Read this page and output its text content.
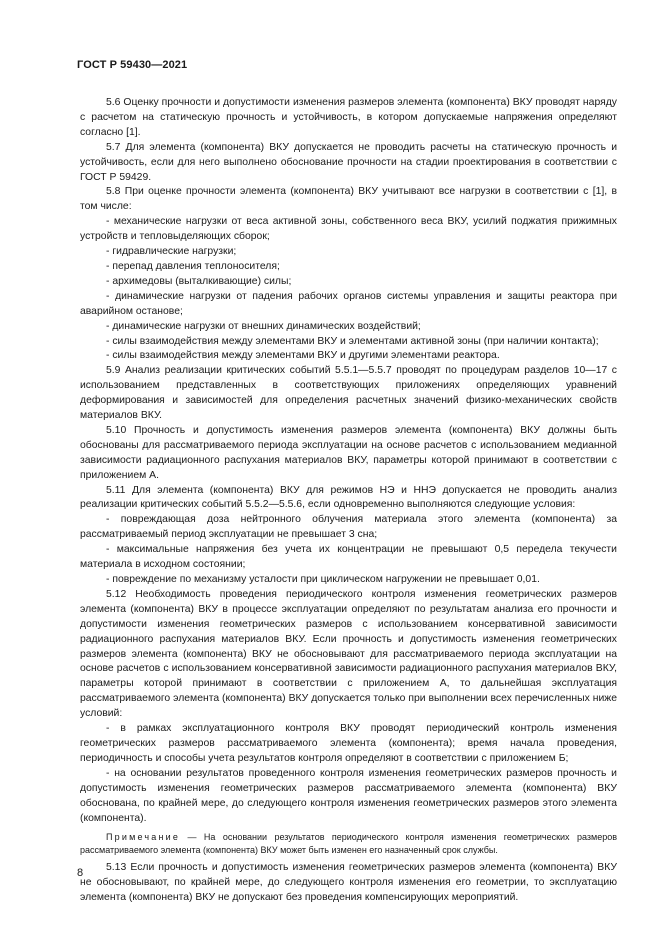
ГОСТ Р 59430—2021

5.6 Оценку прочности и допустимости изменения размеров элемента (компонента) ВКУ проводят наряду с расчетом на статическую прочность и устойчивость, в котором допускаемые напряжения определяют согласно [1].

5.7 Для элемента (компонента) ВКУ допускается не проводить расчеты на статическую прочность и устойчивость, если для него выполнено обоснование прочности на стадии проектирования в соответствии с ГОСТ Р 59429.

5.8 При оценке прочности элемента (компонента) ВКУ учитывают все нагрузки в соответствии с [1], в том числе:

- механические нагрузки от веса активной зоны, собственного веса ВКУ, усилий поджатия прижимных устройств и тепловыделяющих сборок;

- гидравлические нагрузки;

- перепад давления теплоносителя;

- архимедовы (выталкивающие) силы;

- динамические нагрузки от падения рабочих органов системы управления и защиты реактора при аварийном останове;

- динамические нагрузки от внешних динамических воздействий;

- силы взаимодействия между элементами ВКУ и элементами активной зоны (при наличии контакта);

- силы взаимодействия между элементами ВКУ и другими элементами реактора.

5.9 Анализ реализации критических событий 5.5.1—5.5.7 проводят по процедурам разделов 10—17 с использованием представленных в соответствующих приложениях определяющих уравнений деформирования и зависимостей для определения расчетных значений физико-механических свойств материалов ВКУ.

5.10 Прочность и допустимость изменения размеров элемента (компонента) ВКУ должны быть обоснованы для рассматриваемого периода эксплуатации на основе расчетов с использованием медианной зависимости радиационного распухания материалов ВКУ, параметры которой принимают в соответствии с приложением А.

5.11 Для элемента (компонента) ВКУ для режимов НЭ и ННЭ допускается не проводить анализ реализации критических событий 5.5.2—5.5.6, если одновременно выполняются следующие условия:

- повреждающая доза нейтронного облучения материала этого элемента (компонента) за рассматриваемый период эксплуатации не превышает 3 сна;

- максимальные напряжения без учета их концентрации не превышают 0,5 передела текучести материала в исходном состоянии;

- повреждение по механизму усталости при циклическом нагружении не превышает 0,01.

5.12 Необходимость проведения периодического контроля изменения геометрических размеров элемента (компонента) ВКУ в процессе эксплуатации определяют по результатам анализа его прочности и допустимости изменения геометрических размеров с использованием консервативной зависимости радиационного распухания материалов ВКУ. Если прочность и допустимость изменения геометрических размеров элемента (компонента) ВКУ не обосновывают для рассматриваемого периода эксплуатации на основе расчетов с использованием консервативной зависимости радиационного распухания материалов ВКУ, параметры которой принимают в соответствии с приложением А, то дальнейшая эксплуатация рассматриваемого элемента (компонента) ВКУ допускается только при выполнении всех перечисленных ниже условий:

- в рамках эксплуатационного контроля ВКУ проводят периодический контроль изменения геометрических размеров рассматриваемого элемента (компонента); время начала проведения, периодичность и способы учета результатов контроля определяют в соответствии с приложением Б;

- на основании результатов проведенного контроля изменения геометрических размеров прочность и допустимость изменения геометрических размеров рассматриваемого элемента (компонента) ВКУ обоснована, по крайней мере, до следующего контроля изменения геометрических размеров этого элемента (компонента).

Примечание — На основании результатов периодического контроля изменения геометрических размеров рассматриваемого элемента (компонента) ВКУ может быть изменен его назначенный срок службы.

5.13 Если прочность и допустимость изменения геометрических размеров элемента (компонента) ВКУ не обосновывают, по крайней мере, до следующего контроля изменения его геометрии, то эксплуатацию элемента (компонента) ВКУ не допускают без проведения компенсирующих мероприятий.

8
